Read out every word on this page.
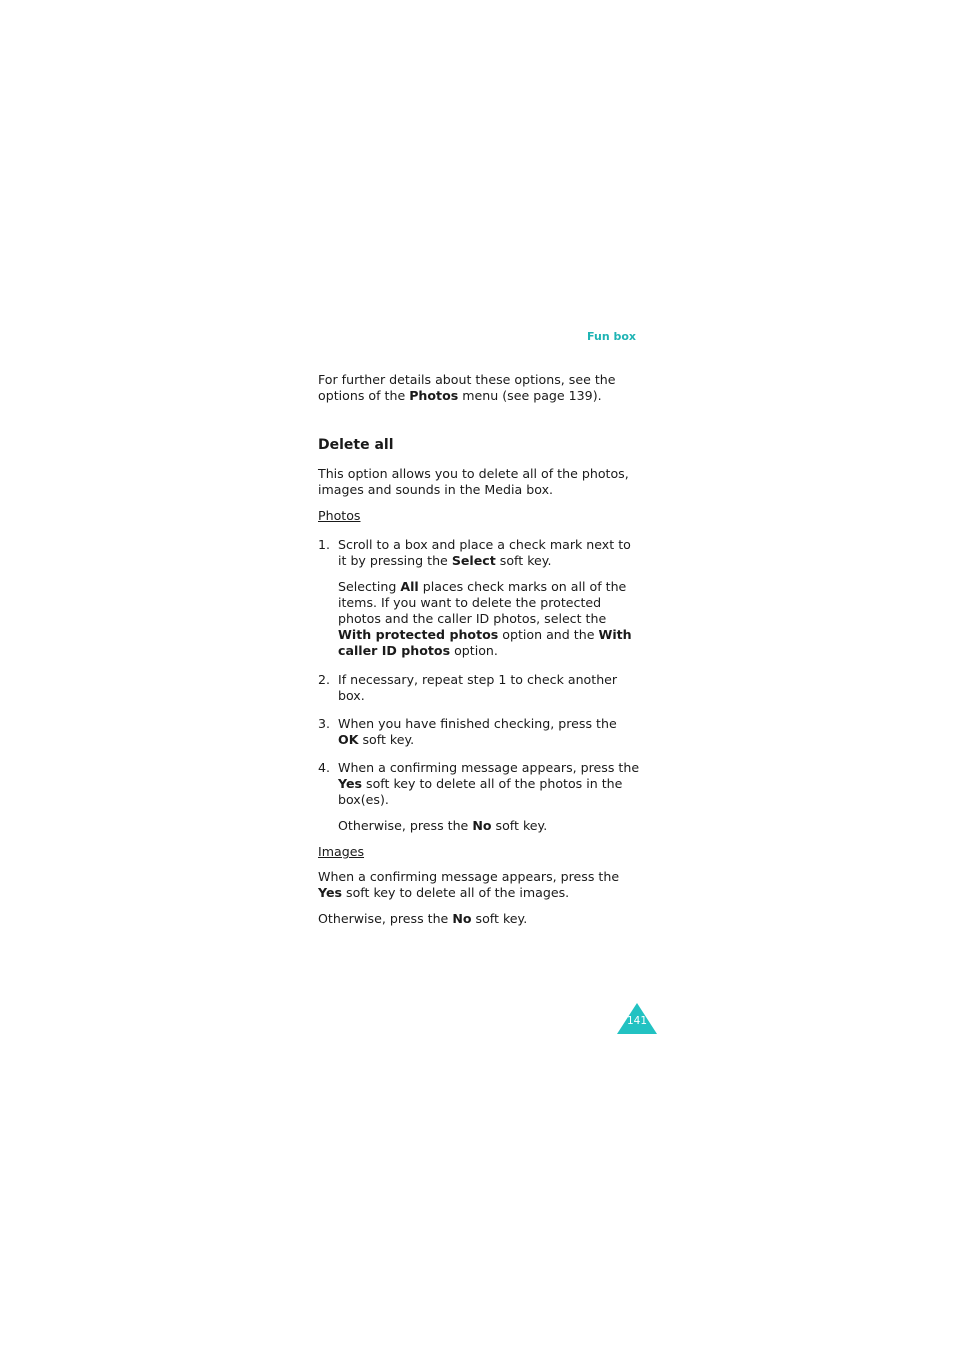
Fun box

For further details about these options, see the options of the Photos menu (see page 139).

Delete all

This option allows you to delete all of the photos, images and sounds in the Media box.

Photos

1. Scroll to a box and place a check mark next to it by pressing the Select soft key.

Selecting All places check marks on all of the items. If you want to delete the protected photos and the caller ID photos, select the With protected photos option and the With caller ID photos option.

2. If necessary, repeat step 1 to check another box.

3. When you have finished checking, press the OK soft key.

4. When a confirming message appears, press the Yes soft key to delete all of the photos in the box(es).

Otherwise, press the No soft key.

Images

When a confirming message appears, press the Yes soft key to delete all of the images.

Otherwise, press the No soft key.

141
